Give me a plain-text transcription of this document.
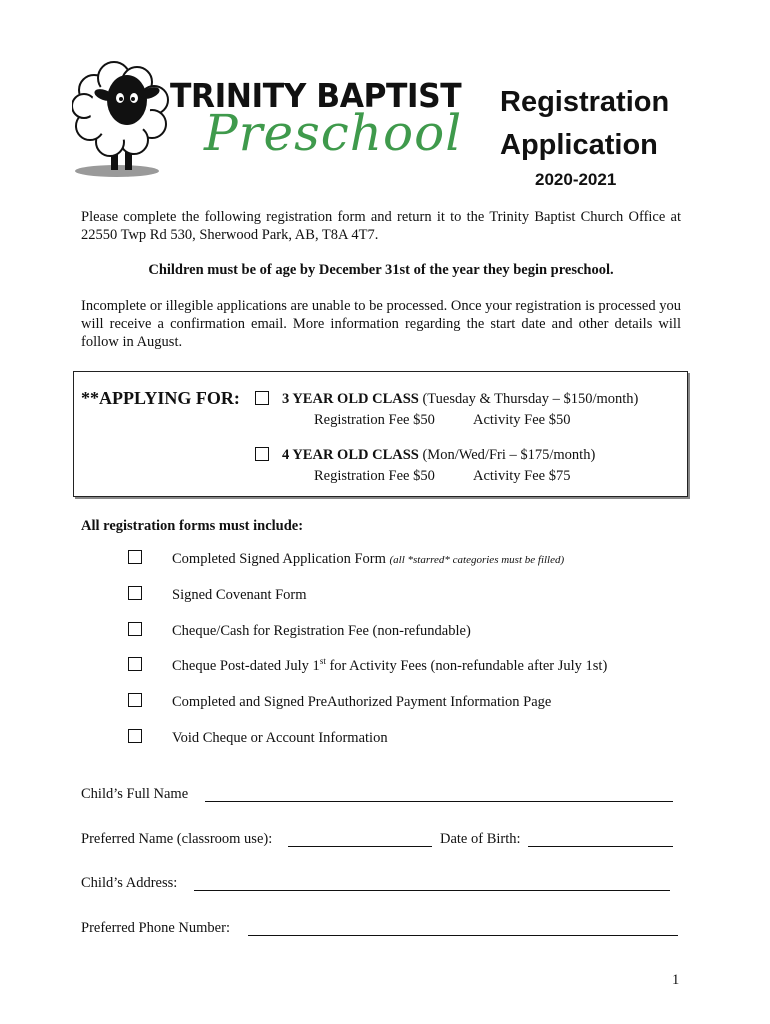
TRINITY BAPTIST
Preschool
Registration
Application
2020-2021
Please complete the following registration form and return it to the Trinity Baptist Church Office at 22550 Twp Rd 530, Sherwood Park, AB, T8A 4T7.
Children must be of age by December 31st of the year they begin preschool.
Incomplete or illegible applications are unable to be processed. Once your registration is processed you will receive a confirmation email. More information regarding the start date and other details will follow in August.
**APPLYING FOR:	3 YEAR OLD CLASS (Tuesday & Thursday – $150/month)
Registration Fee $50	Activity Fee $50
4 YEAR OLD CLASS (Mon/Wed/Fri – $175/month)
Registration Fee $50	Activity Fee $75
All registration forms must include:
Completed Signed Application Form (all *starred* categories must be filled)
Signed Covenant Form
Cheque/Cash for Registration Fee (non-refundable)
Cheque Post-dated July 1st for Activity Fees (non-refundable after July 1st)
Completed and Signed PreAuthorized Payment Information Page
Void Cheque or Account Information
Child’s Full Name
Preferred Name (classroom use):	Date of Birth:
Child’s Address:
Preferred Phone Number:
1
